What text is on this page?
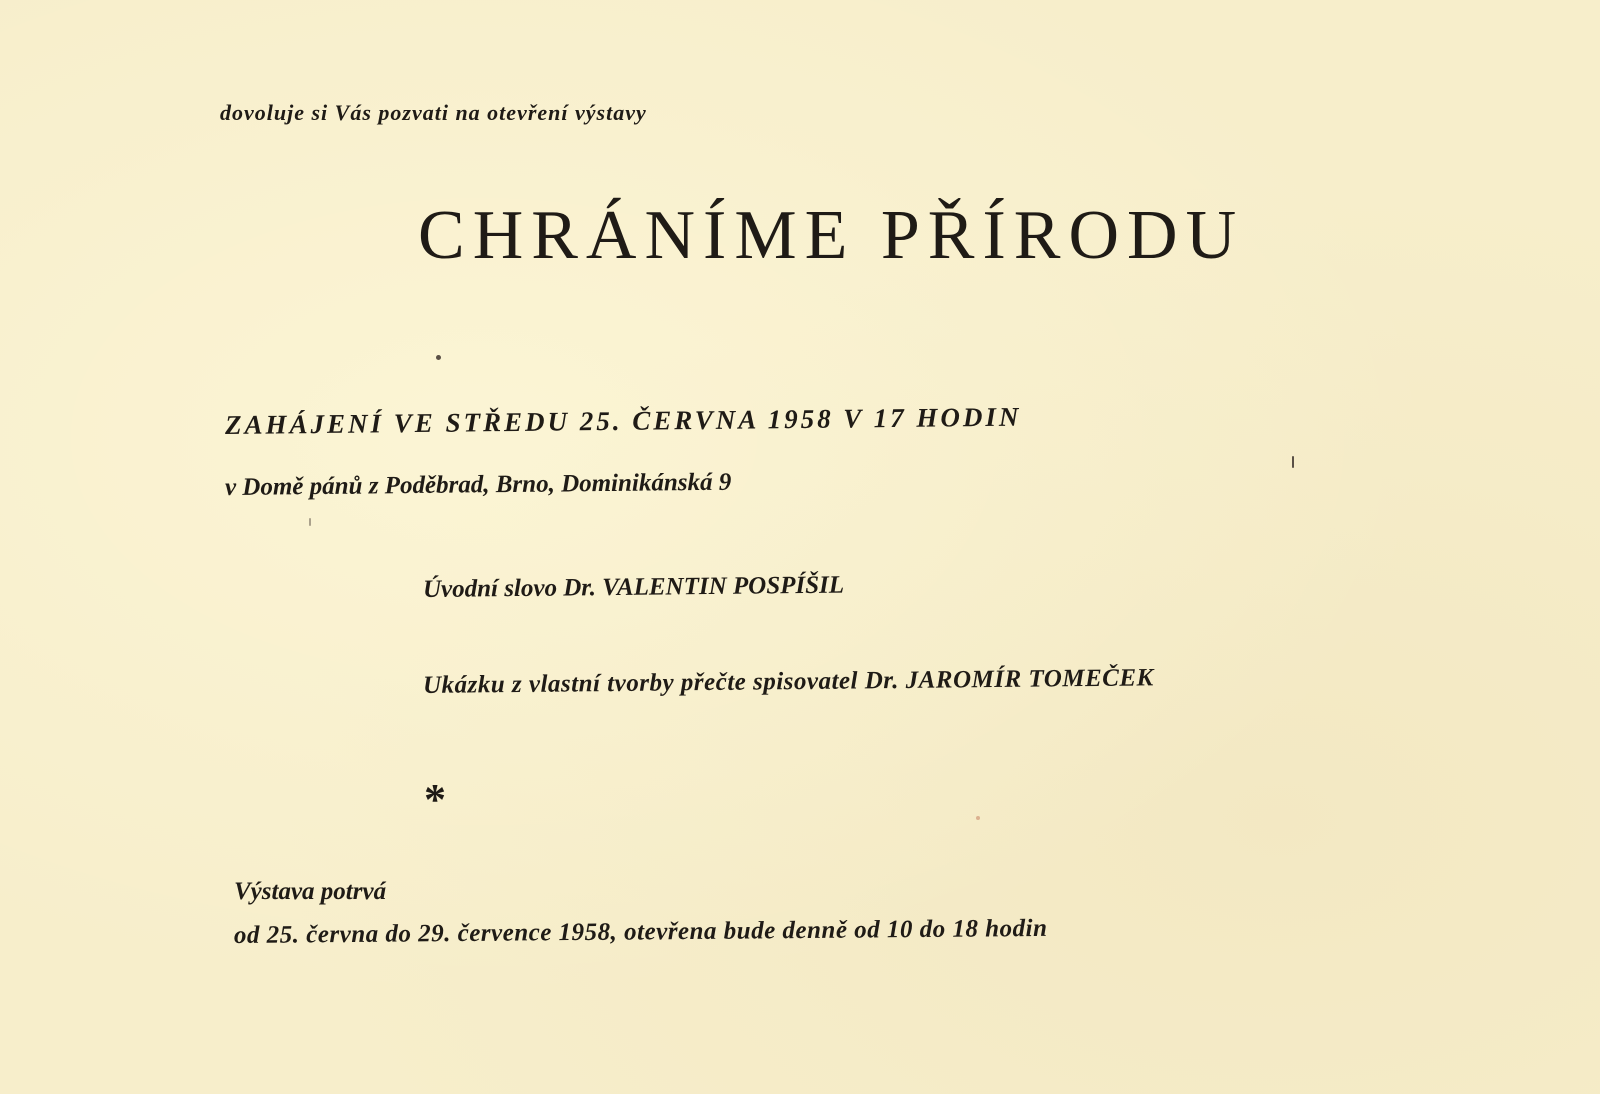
dovoluje si Vás pozvati na otevření výstavy
CHRÁNÍME PŘÍRODU
ZAHÁJENÍ VE STŘEDU 25. ČERVNA 1958 V 17 HODIN
v Domě pánů z Poděbrad, Brno, Dominikánská 9
Úvodní slovo Dr. VALENTIN POSPÍŠIL
Ukázku z vlastní tvorby přečte spisovatel Dr. JAROMÍR TOMEČEK
*
Výstava potrvá
od 25. června do 29. července 1958, otevřena bude denně od 10 do 18 hodin
